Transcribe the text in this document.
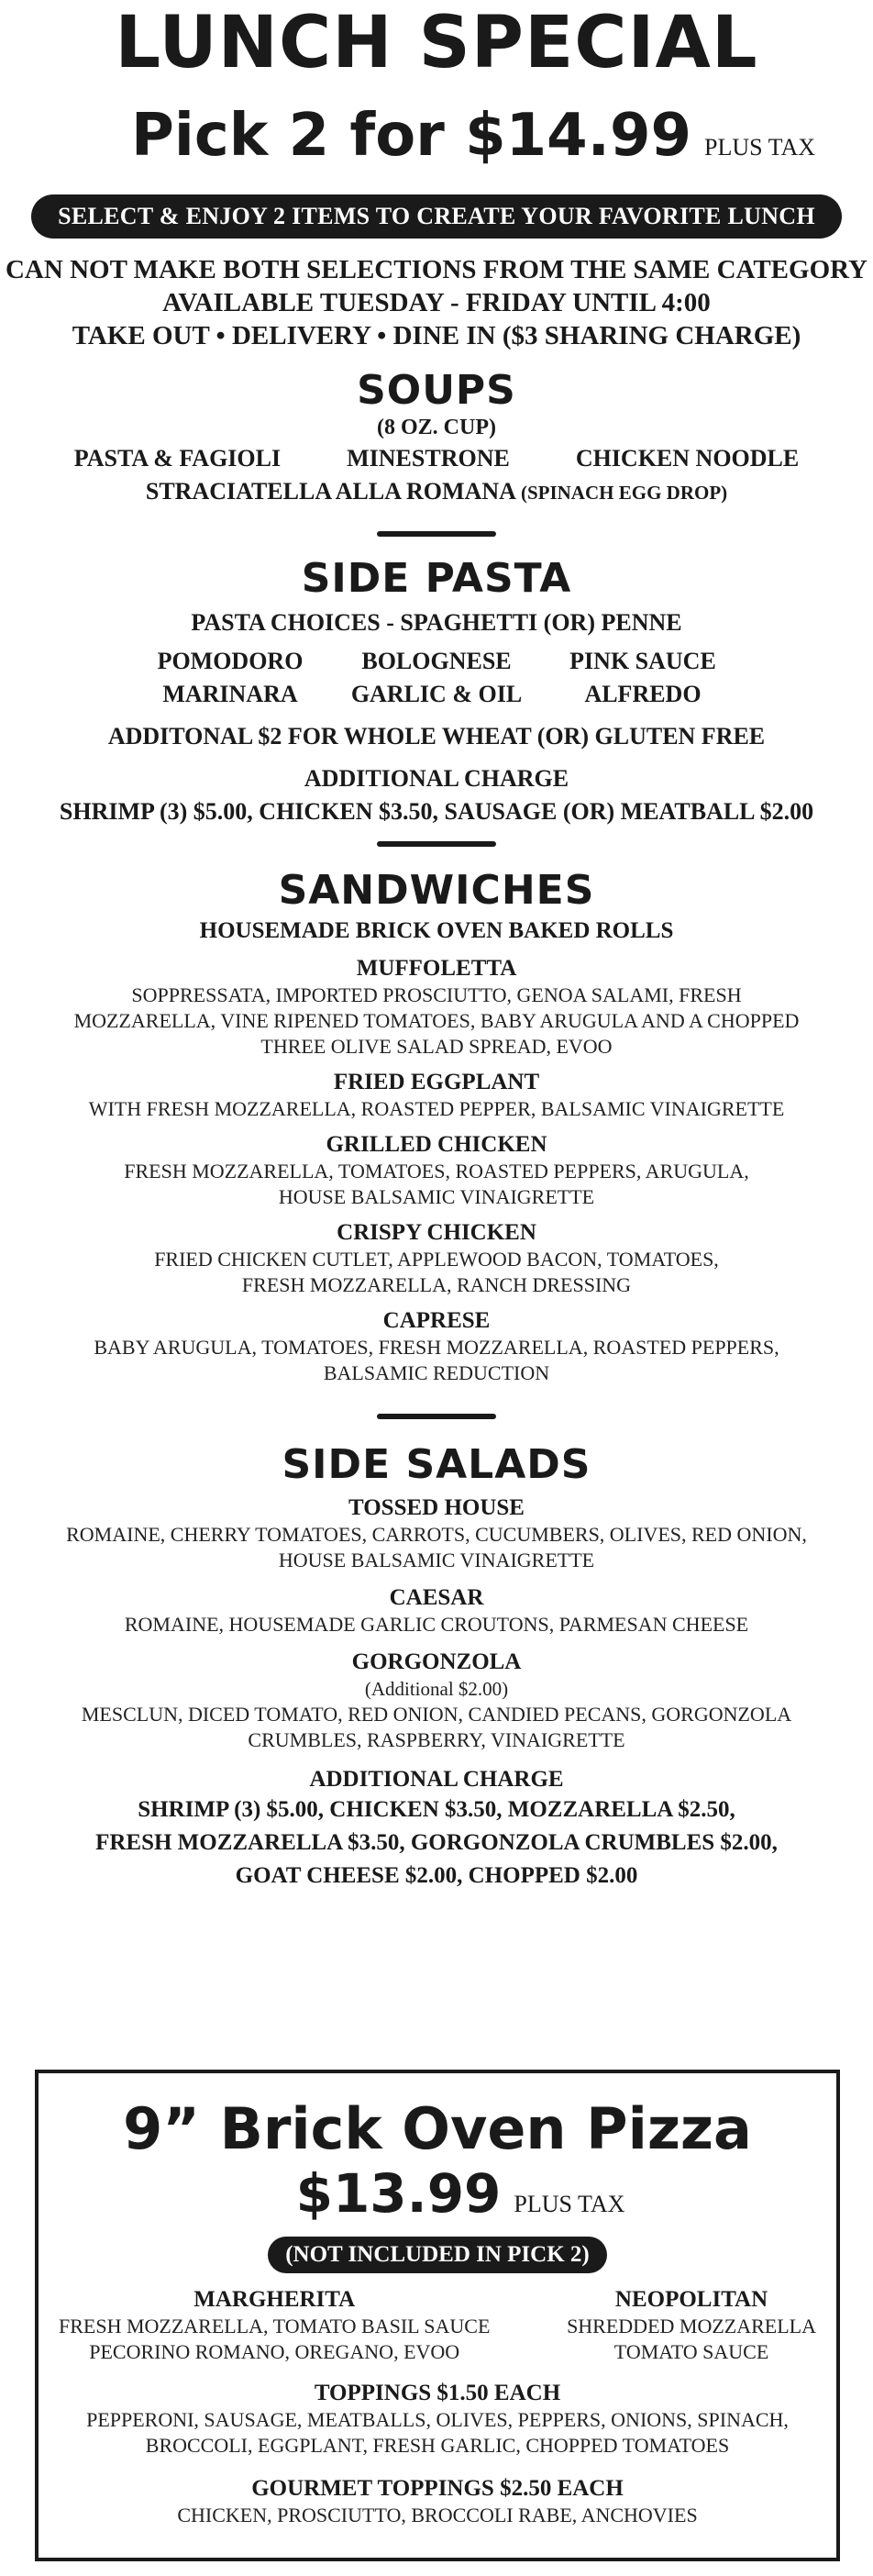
LUNCH SPECIAL
Pick 2 for $14.99 PLUS TAX
SELECT & ENJOY 2 ITEMS TO CREATE YOUR FAVORITE LUNCH
CAN NOT MAKE BOTH SELECTIONS FROM THE SAME CATEGORY
AVAILABLE TUESDAY - FRIDAY UNTIL 4:00
TAKE OUT • DELIVERY • DINE IN ($3 SHARING CHARGE)
SOUPS
(8 OZ. CUP)
PASTA & FAGIOLI	MINESTRONE	CHICKEN NOODLE
STRACIATELLA ALLA ROMANA (SPINACH EGG DROP)
SIDE PASTA
PASTA CHOICES - SPAGHETTI (OR) PENNE
POMODORO	BOLOGNESE	PINK SAUCE
MARINARA	GARLIC & OIL	ALFREDO
ADDITONAL $2 FOR WHOLE WHEAT (OR) GLUTEN FREE
ADDITIONAL CHARGE
SHRIMP (3) $5.00, CHICKEN $3.50, SAUSAGE (OR) MEATBALL $2.00
SANDWICHES
HOUSEMADE BRICK OVEN BAKED ROLLS
MUFFOLETTA
SOPPRESSATA, IMPORTED PROSCIUTTO, GENOA SALAMI, FRESH
MOZZARELLA, VINE RIPENED TOMATOES, BABY ARUGULA AND A CHOPPED
THREE OLIVE SALAD SPREAD, EVOO
FRIED EGGPLANT
WITH FRESH MOZZARELLA, ROASTED PEPPER, BALSAMIC VINAIGRETTE
GRILLED CHICKEN
FRESH MOZZARELLA, TOMATOES, ROASTED PEPPERS, ARUGULA,
HOUSE BALSAMIC VINAIGRETTE
CRISPY CHICKEN
FRIED CHICKEN CUTLET, APPLEWOOD BACON, TOMATOES,
FRESH MOZZARELLA, RANCH DRESSING
CAPRESE
BABY ARUGULA, TOMATOES, FRESH MOZZARELLA, ROASTED PEPPERS,
BALSAMIC REDUCTION
SIDE SALADS
TOSSED HOUSE
ROMAINE, CHERRY TOMATOES, CARROTS, CUCUMBERS, OLIVES, RED ONION,
HOUSE BALSAMIC VINAIGRETTE
CAESAR
ROMAINE, HOUSEMADE GARLIC CROUTONS, PARMESAN CHEESE
GORGONZOLA
(Additional $2.00)
MESCLUN, DICED TOMATO, RED ONION, CANDIED PECANS, GORGONZOLA
CRUMBLES, RASPBERRY, VINAIGRETTE
ADDITIONAL CHARGE
SHRIMP (3) $5.00, CHICKEN $3.50, MOZZARELLA $2.50,
FRESH MOZZARELLA $3.50, GORGONZOLA CRUMBLES $2.00,
GOAT CHEESE $2.00, CHOPPED $2.00
9” Brick Oven Pizza
$13.99 PLUS TAX
(NOT INCLUDED IN PICK 2)
MARGHERITA
FRESH MOZZARELLA, TOMATO BASIL SAUCE
PECORINO ROMANO, OREGANO, EVOO
NEOPOLITAN
SHREDDED MOZZARELLA
TOMATO SAUCE
TOPPINGS $1.50 EACH
PEPPERONI, SAUSAGE, MEATBALLS, OLIVES, PEPPERS, ONIONS, SPINACH,
BROCCOLI, EGGPLANT, FRESH GARLIC, CHOPPED TOMATOES
GOURMET TOPPINGS $2.50 EACH
CHICKEN, PROSCIUTTO, BROCCOLI RABE, ANCHOVIES
